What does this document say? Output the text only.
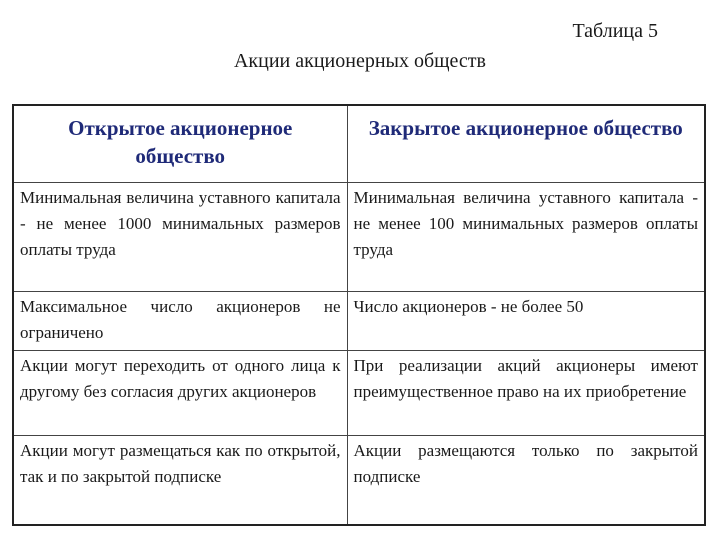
Таблица 5
Акции акционерных обществ
Открытое акционерное общество	Закрытое акционерное общество
Минимальная величина уставного капитала - не менее 1000 минимальных размеров оплаты труда	Минимальная величина уставного капитала - не менее 100 минимальных размеров оплаты труда
Максимальное число акционеров не ограничено	Число акционеров - не более 50
Акции могут переходить от одного лица к другому без согласия других акционеров	При реализации акций акционеры имеют преимущественное право на их приобретение
Акции могут размещаться как по открытой, так и по закрытой подписке	Акции размещаются только по закрытой подписке
